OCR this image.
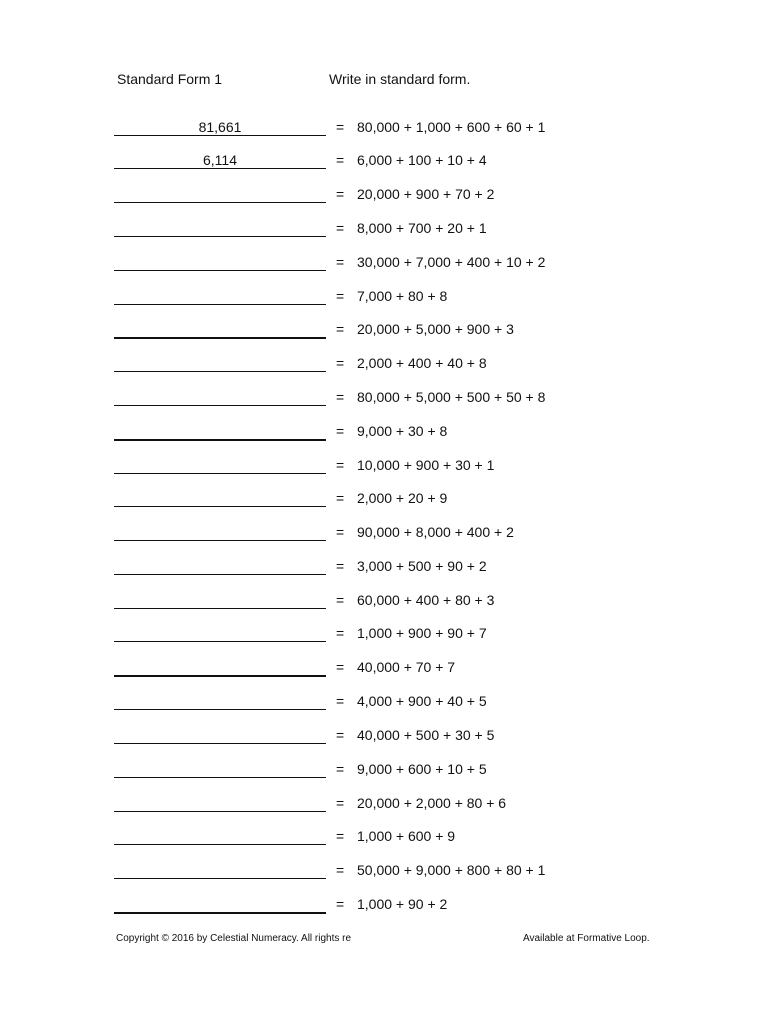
Standard Form 1	Write in standard form.
81,661
= 80,000 + 1,000 + 600 + 60 + 1
6,114
= 6,000 + 100 + 10 + 4
= 20,000 + 900 + 70 + 2
= 8,000 + 700 + 20 + 1
= 30,000 + 7,000 + 400 + 10 + 2
= 7,000 + 80 + 8
= 20,000 + 5,000 + 900 + 3
= 2,000 + 400 + 40 + 8
= 80,000 + 5,000 + 500 + 50 + 8
= 9,000 + 30 + 8
= 10,000 + 900 + 30 + 1
= 2,000 + 20 + 9
= 90,000 + 8,000 + 400 + 2
= 3,000 + 500 + 90 + 2
= 60,000 + 400 + 80 + 3
= 1,000 + 900 + 90 + 7
= 40,000 + 70 + 7
= 4,000 + 900 + 40 + 5
= 40,000 + 500 + 30 + 5
= 9,000 + 600 + 10 + 5
= 20,000 + 2,000 + 80 + 6
= 1,000 + 600 + 9
= 50,000 + 9,000 + 800 + 80 + 1
= 1,000 + 90 + 2
Copyright © 2016 by Celestial Numeracy. All rights re	Available at Formative Loop.
